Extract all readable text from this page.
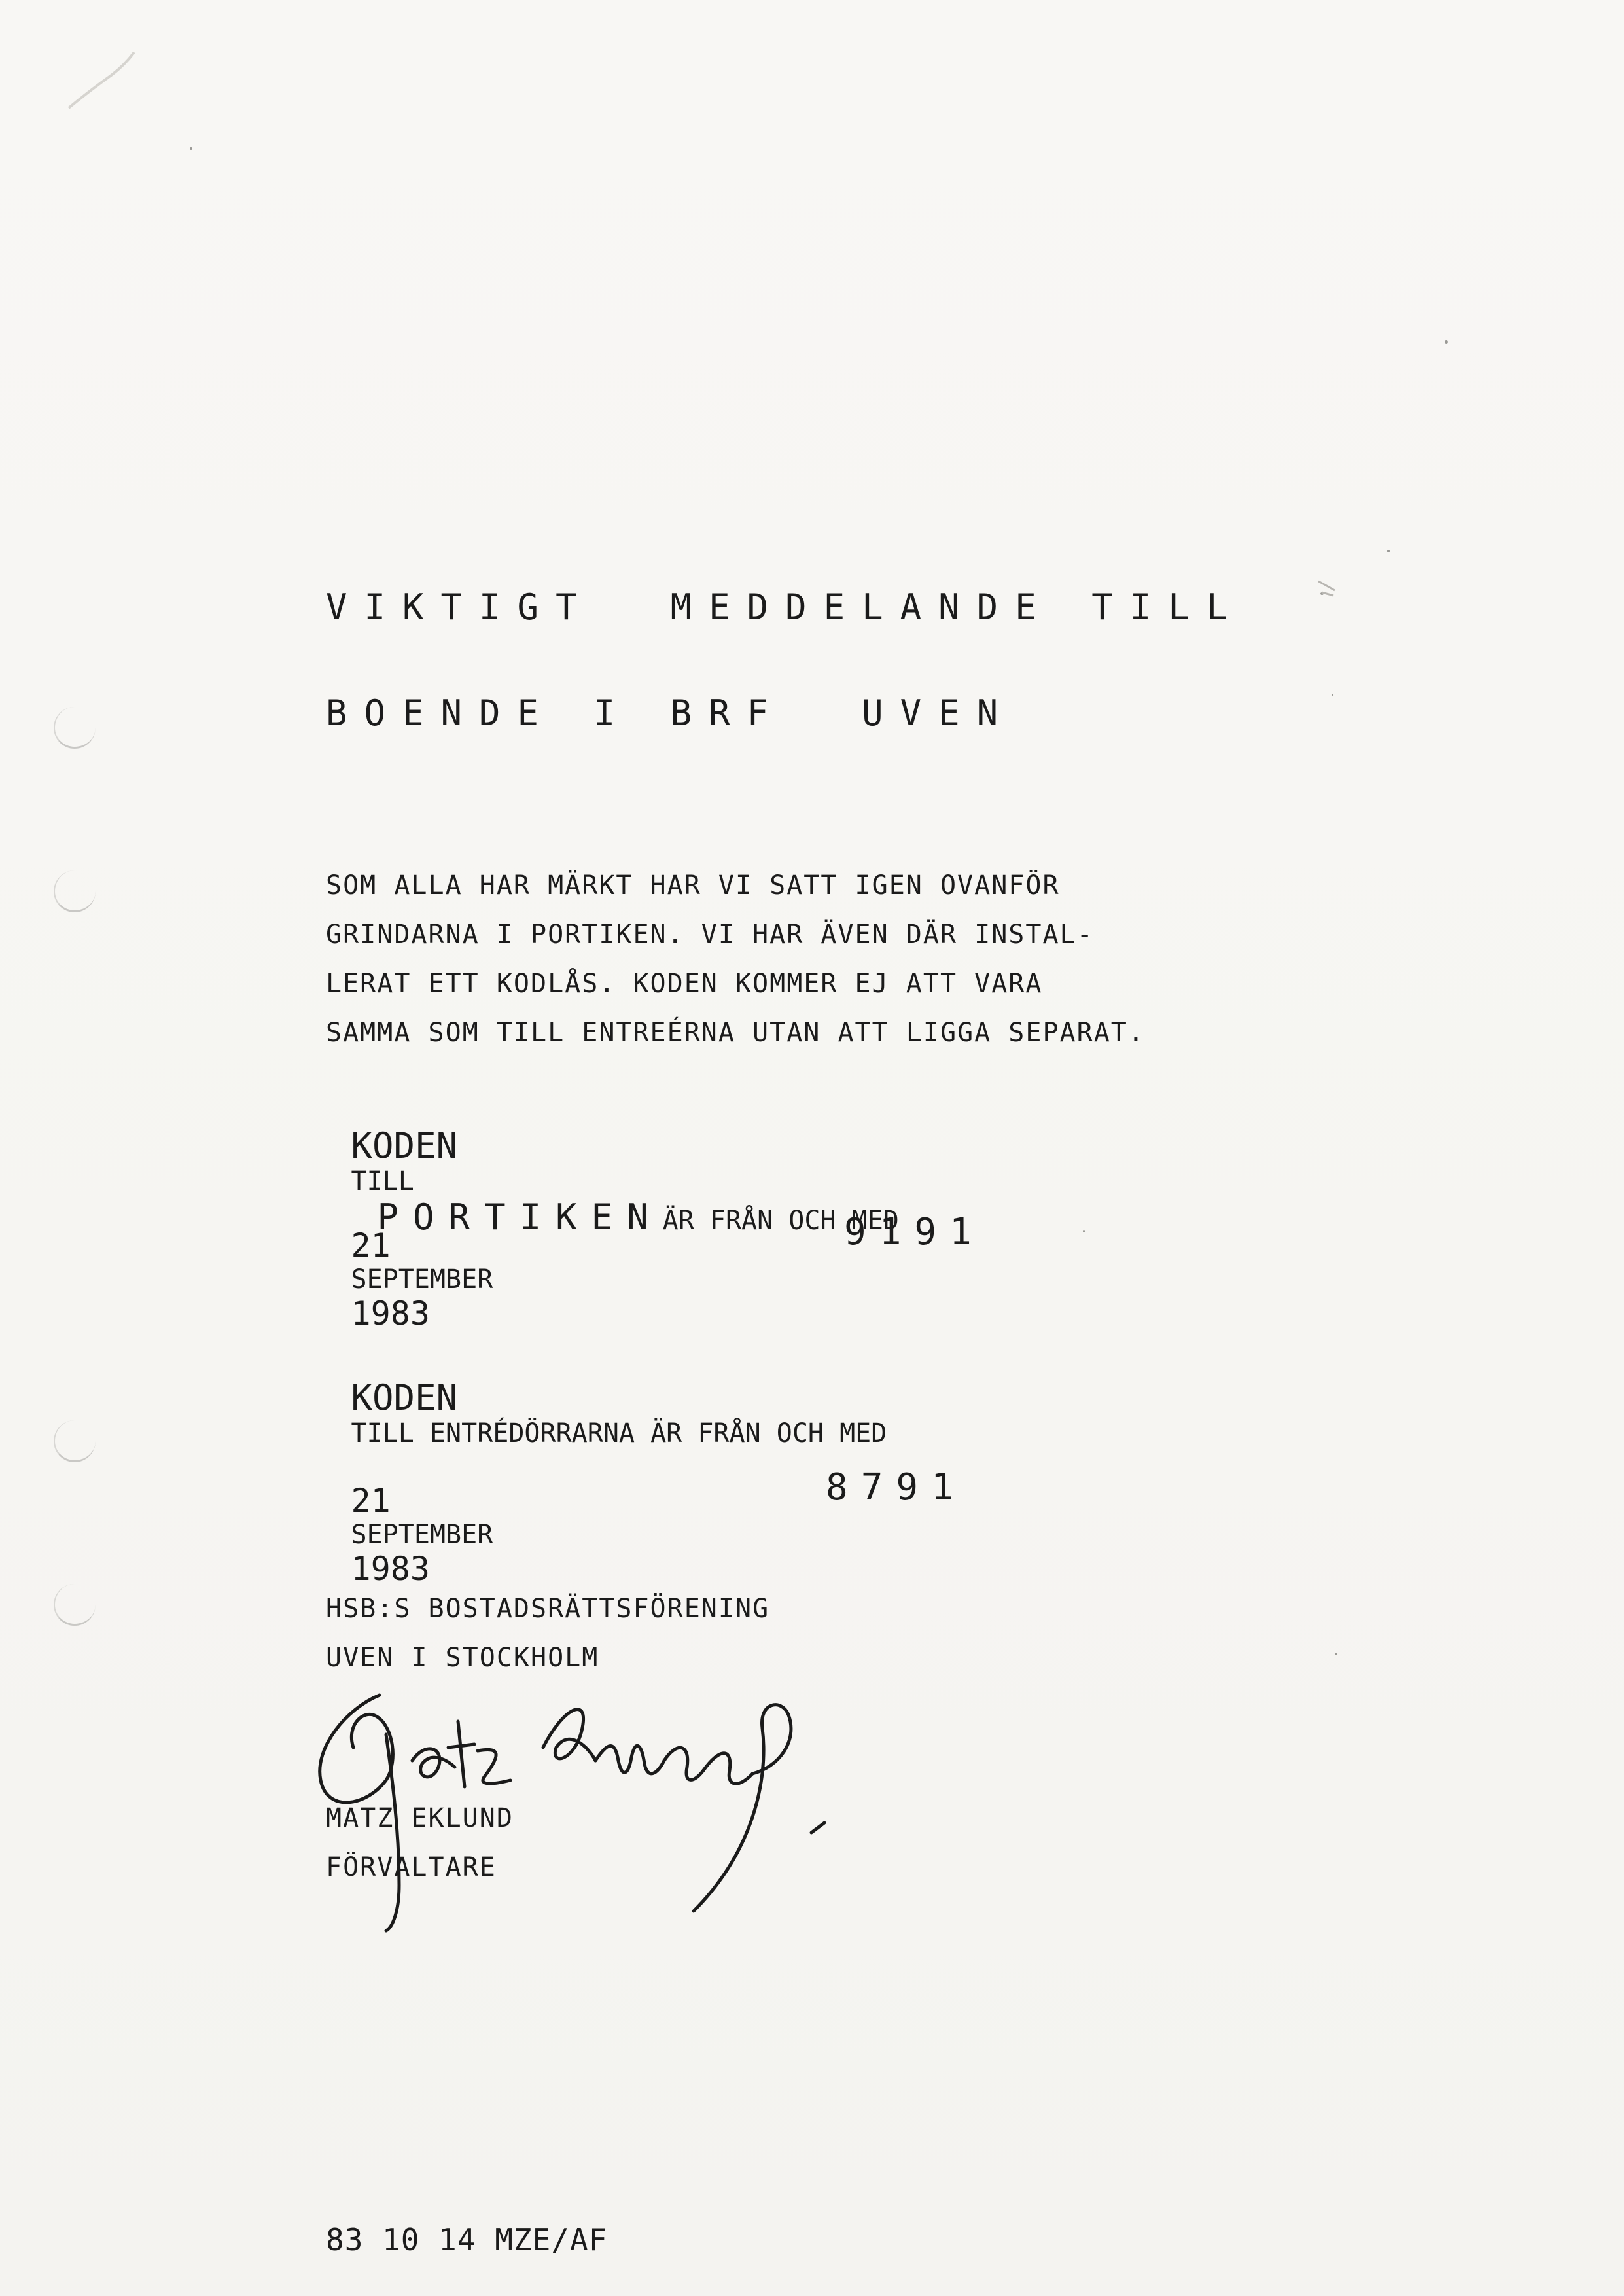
VIKTIGT  MEDDELANDE TILL

BOENDE I BRF  UVEN

SOM ALLA HAR MÄRKT HAR VI SATT IGEN OVANFÖR

GRINDARNA I PORTIKEN. VI HAR ÄVEN DÄR INSTAL-

LERAT ETT KODLÅS. KODEN KOMMER EJ ATT VARA

SAMMA SOM TILL ENTREÉRNA UTAN ATT LIGGA SEPARAT.

KODEN
TILL
PORTIKENÄR FRÅN OCH MED

21
SEPTEMBER
1983

9191

KODEN
TILL ENTRÉDÖRRARNA ÄR FRÅN OCH MED

21
SEPTEMBER
1983

8791

HSB:S BOSTADSRÄTTSFÖRENING

UVEN I STOCKHOLM

MATZ EKLUND

FÖRVALTARE

83 10 14 MZE/AF
